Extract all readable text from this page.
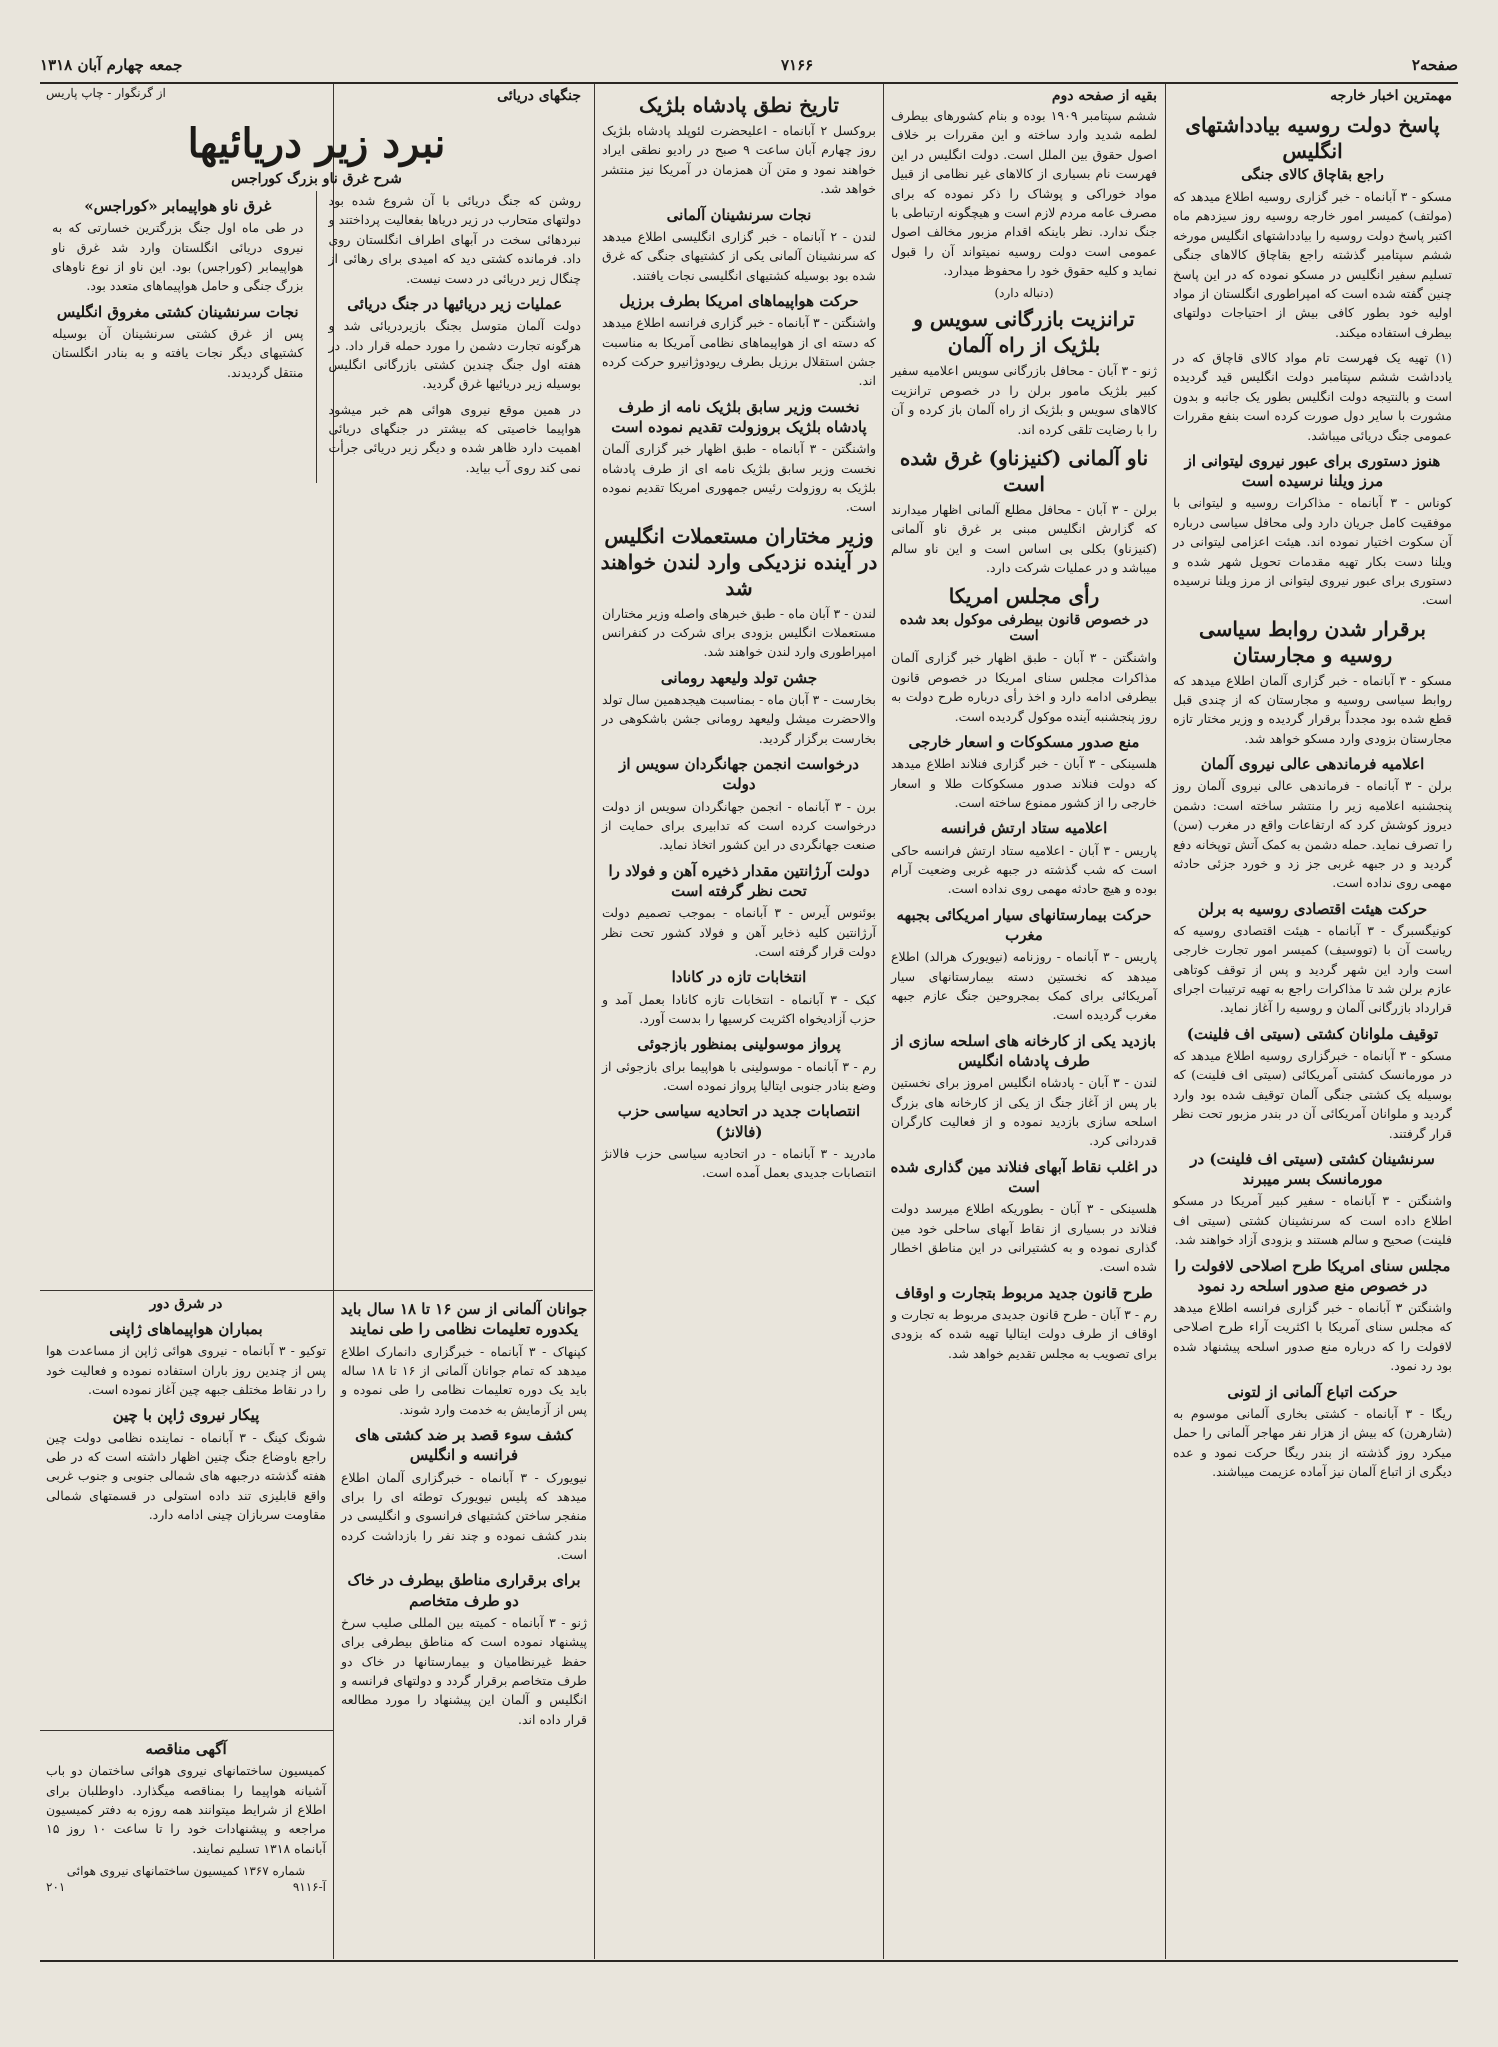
صفحه۲
۷۱۶۶
جمعه چهارم آبان ۱۳۱۸
مهمترین اخبار خارجه
پاسخ دولت روسیه بیادداشتهای انگلیس
راجع بقاچاق کالای جنگی
مسکو - ۳ آبانماه - خبر گزاری روسیه اطلاع میدهد که (مولتف) کمیسر امور خارجه روسیه روز سیزدهم ماه اکتبر پاسخ دولت روسیه را بیادداشتهای انگلیس مورخه ششم سپتامبر گذشته راجع بقاچاق کالاهای جنگی تسلیم سفیر انگلیس در مسکو نموده که در این پاسخ چنین گفته شده است که امپراطوری انگلستان از مواد اولیه خود بطور کافی بیش از احتیاجات دولتهای بیطرف استفاده میکند.
(۱) تهیه یک فهرست تام مواد کالای قاچاق که در یادداشت ششم سپتامبر دولت انگلیس قید گردیده است و بالنتیجه دولت انگلیس بطور یک جانبه و بدون مشورت با سایر دول صورت کرده است بنفع مقررات عمومی جنگ دریائی میباشد.
هنوز دستوری برای عبور نیروی لیتوانی از مرز ویلنا نرسیده است
کوناس - ۳ آبانماه - مذاکرات روسیه و لیتوانی با موفقیت کامل جریان دارد ولی محافل سیاسی درباره آن سکوت اختیار نموده اند. هیئت اعزامی لیتوانی در ویلنا دست بکار تهیه مقدمات تحویل شهر شده و دستوری برای عبور نیروی لیتوانی از مرز ویلنا نرسیده است.
برقرار شدن روابط سیاسی روسیه و مجارستان
مسکو - ۳ آبانماه - خبر گزاری آلمان اطلاع میدهد که روابط سیاسی روسیه و مجارستان که از چندی قبل قطع شده بود مجدداً برقرار گردیده و وزیر مختار تازه مجارستان بزودی وارد مسکو خواهد شد.
اعلامیه فرماندهی عالی نیروی آلمان
برلن - ۳ آبانماه - فرماندهی عالی نیروی آلمان روز پنجشنبه اعلامیه زیر را منتشر ساخته است: دشمن دیروز کوشش کرد که ارتفاعات واقع در مغرب (سن) را تصرف نماید. حمله دشمن به کمک آتش توپخانه دفع گردید و در جبهه غربی جز زد و خورد جزئی حادثه مهمی روی نداده است.
حرکت هیئت اقتصادی روسیه به برلن
کونیگسبرگ - ۳ آبانماه - هیئت اقتصادی روسیه که ریاست آن با (تووسیف) کمیسر امور تجارت خارجی است وارد این شهر گردید و پس از توقف کوتاهی عازم برلن شد تا مذاکرات راجع به تهیه ترتیبات اجرای قرارداد بازرگانی آلمان و روسیه را آغاز نماید.
توقیف ملوانان کشتی (سیتی اف فلینت)
مسکو - ۳ آبانماه - خبرگزاری روسیه اطلاع میدهد که در مورمانسک کشتی آمریکائی (سیتی اف فلینت) که بوسیله یک کشتی جنگی آلمان توقیف شده بود وارد گردید و ملوانان آمریکائی آن در بندر مزبور تحت نظر قرار گرفتند.
سرنشینان کشتی (سیتی اف فلینت) در مورمانسک بسر میبرند
واشنگتن - ۳ آبانماه - سفیر کبیر آمریکا در مسکو اطلاع داده است که سرنشینان کشتی (سیتی اف فلینت) صحیح و سالم هستند و بزودی آزاد خواهند شد.
مجلس سنای امریکا طرح اصلاحی لافولت را در خصوص منع صدور اسلحه رد نمود
واشنگتن ۳ آبانماه - خبر گزاری فرانسه اطلاع میدهد که مجلس سنای آمریکا با اکثریت آراء طرح اصلاحی لافولت را که درباره منع صدور اسلحه پیشنهاد شده بود رد نمود.
حرکت اتباع آلمانی از لتونی
ریگا - ۳ آبانماه - کشتی بخاری آلمانی موسوم به (شارهرن) که بیش از هزار نفر مهاجر آلمانی را حمل میکرد روز گذشته از بندر ریگا حرکت نمود و عده دیگری از اتباع آلمان نیز آماده عزیمت میباشند.
بقیه از صفحه دوم
ششم سپتامبر ۱۹۰۹ بوده و بنام کشورهای بیطرف لطمه شدید وارد ساخته و این مقررات بر خلاف اصول حقوق بین الملل است. دولت انگلیس در این فهرست نام بسیاری از کالاهای غیر نظامی از قبیل مواد خوراکی و پوشاک را ذکر نموده که برای مصرف عامه مردم لازم است و هیچگونه ارتباطی با جنگ ندارد. نظر باینکه اقدام مزبور مخالف اصول عمومی است دولت روسیه نمیتواند آن را قبول نماید و کلیه حقوق خود را محفوظ میدارد.
(دنباله دارد)
ترانزیت بازرگانی سویس و بلژیک از راه آلمان
ژنو - ۳ آبان - محافل بازرگانی سویس اعلامیه سفیر کبیر بلژیک مامور برلن را در خصوص ترانزیت کالاهای سویس و بلژیک از راه آلمان باز کرده و آن را با رضایت تلقی کرده اند.
ناو آلمانی (کنیزناو) غرق شده است
برلن - ۳ آبان - محافل مطلع آلمانی اظهار میدارند که گزارش انگلیس مبنی بر غرق ناو آلمانی (کنیزناو) بکلی بی اساس است و این ناو سالم میباشد و در عملیات شرکت دارد.
رأی مجلس امریکا
در خصوص قانون بیطرفی موکول بعد شده است
واشنگتن - ۳ آبان - طبق اظهار خبر گزاری آلمان مذاکرات مجلس سنای امریکا در خصوص قانون بیطرفی ادامه دارد و اخذ رأی درباره طرح دولت به روز پنجشنبه آینده موکول گردیده است.
منع صدور مسکوکات و اسعار خارجی
هلسینکی - ۳ آبان - خبر گزاری فنلاند اطلاع میدهد که دولت فنلاند صدور مسکوکات طلا و اسعار خارجی را از کشور ممنوع ساخته است.
اعلامیه ستاد ارتش فرانسه
پاریس - ۳ آبان - اعلامیه ستاد ارتش فرانسه حاکی است که شب گذشته در جبهه غربی وضعیت آرام بوده و هیچ حادثه مهمی روی نداده است.
حرکت بیمارستانهای سیار امریکائی بجبهه مغرب
پاریس - ۳ آبانماه - روزنامه (نیویورک هرالد) اطلاع میدهد که نخستین دسته بیمارستانهای سیار آمریکائی برای کمک بمجروحین جنگ عازم جبهه مغرب گردیده است.
بازدید یکی از کارخانه های اسلحه سازی از طرف پادشاه انگلیس
لندن - ۳ آبان - پادشاه انگلیس امروز برای نخستین بار پس از آغاز جنگ از یکی از کارخانه های بزرگ اسلحه سازی بازدید نموده و از فعالیت کارگران قدردانی کرد.
در اغلب نقاط آبهای فنلاند مین گذاری شده است
هلسینکی - ۳ آبان - بطوریکه اطلاع میرسد دولت فنلاند در بسیاری از نقاط آبهای ساحلی خود مین گذاری نموده و به کشتیرانی در این مناطق اخطار شده است.
طرح قانون جدید مربوط بتجارت و اوقاف
رم - ۳ آبان - طرح قانون جدیدی مربوط به تجارت و اوقاف از طرف دولت ایتالیا تهیه شده که بزودی برای تصویب به مجلس تقدیم خواهد شد.
تاریخ نطق پادشاه بلژیک
بروکسل ۲ آبانماه - اعلیحضرت لئوپلد پادشاه بلژیک روز چهارم آبان ساعت ۹ صبح در رادیو نطقی ایراد خواهند نمود و متن آن همزمان در آمریکا نیز منتشر خواهد شد.
نجات سرنشینان آلمانی
لندن - ۲ آبانماه - خبر گزاری انگلیسی اطلاع میدهد که سرنشینان آلمانی یکی از کشتیهای جنگی که غرق شده بود بوسیله کشتیهای انگلیسی نجات یافتند.
حرکت هواپیماهای امریکا بطرف برزیل
واشنگتن - ۳ آبانماه - خبر گزاری فرانسه اطلاع میدهد که دسته ای از هواپیماهای نظامی آمریکا به مناسبت جشن استقلال برزیل بطرف ریودوژانیرو حرکت کرده اند.
نخست وزیر سابق بلژیک نامه از طرف پادشاه بلژیک بروزولت تقدیم نموده است
واشنگتن - ۳ آبانماه - طبق اظهار خبر گزاری آلمان نخست وزیر سابق بلژیک نامه ای از طرف پادشاه بلژیک به روزولت رئیس جمهوری امریکا تقدیم نموده است.
وزیر مختاران مستعملات انگلیس در آینده نزدیکی وارد لندن خواهند شد
لندن - ۳ آبان ماه - طبق خبرهای واصله وزیر مختاران مستعملات انگلیس بزودی برای شرکت در کنفرانس امپراطوری وارد لندن خواهند شد.
جشن تولد ولیعهد رومانی
بخارست - ۳ آبان ماه - بمناسبت هیجدهمین سال تولد والاحضرت میشل ولیعهد رومانی جشن باشکوهی در بخارست برگزار گردید.
درخواست انجمن جهانگردان سویس از دولت
برن - ۳ آبانماه - انجمن جهانگردان سویس از دولت درخواست کرده است که تدابیری برای حمایت از صنعت جهانگردی در این کشور اتخاذ نماید.
دولت آرژانتین مقدار ذخیره آهن و فولاد را تحت نظر گرفته است
بوئنوس آیرس - ۳ آبانماه - بموجب تصمیم دولت آرژانتین کلیه ذخایر آهن و فولاد کشور تحت نظر دولت قرار گرفته است.
انتخابات تازه در کانادا
کبک - ۳ آبانماه - انتخابات تازه کانادا بعمل آمد و حزب آزادیخواه اکثریت کرسیها را بدست آورد.
پرواز موسولینی بمنظور بازجوئی
رم - ۳ آبانماه - موسولینی با هواپیما برای بازجوئی از وضع بنادر جنوبی ایتالیا پرواز نموده است.
انتصابات جدید در اتحادیه سیاسی حزب (فالانژ)
مادرید - ۳ آبانماه - در اتحادیه سیاسی حزب فالانژ انتصابات جدیدی بعمل آمده است.
جنگهای دریائی
از گرنگوار - چاپ پاریس
نبرد زیر دریائیها
شرح غرق ناو بزرگ کوراجس
روشن که جنگ دریائی با آن شروع شده بود دولتهای متحارب در زیر دریاها بفعالیت پرداختند و نبردهائی سخت در آبهای اطراف انگلستان روی داد. فرمانده کشتی دید که امیدی برای رهائی از چنگال زیر دریائی در دست نیست.
عملیات زیر دریائیها در جنگ دریائی
دولت آلمان متوسل بجنگ بازیردریائی شد و هرگونه تجارت دشمن را مورد حمله قرار داد. در هفته اول جنگ چندین کشتی بازرگانی انگلیس بوسیله زیر دریائیها غرق گردید.
در همین موقع نیروی هوائی هم خبر میشود هواپیما خاصیتی که بیشتر در جنگهای دریائی اهمیت دارد ظاهر شده و دیگر زیر دریائی جرأت نمی کند روی آب بیاید.
غرق ناو هواپیمابر «کوراجس»
در طی ماه اول جنگ بزرگترین خسارتی که به نیروی دریائی انگلستان وارد شد غرق ناو هواپیمابر (کوراجس) بود. این ناو از نوع ناوهای بزرگ جنگی و حامل هواپیماهای متعدد بود.
نجات سرنشینان کشتی مغروق انگلیس
پس از غرق کشتی سرنشینان آن بوسیله کشتیهای دیگر نجات یافته و به بنادر انگلستان منتقل گردیدند.
جوانان آلمانی از سن ۱۶ تا ۱۸ سال باید یکدوره تعلیمات نظامی را طی نمایند
کپنهاک - ۳ آبانماه - خبرگزاری دانمارک اطلاع میدهد که تمام جوانان آلمانی از ۱۶ تا ۱۸ ساله باید یک دوره تعلیمات نظامی را طی نموده و پس از آزمایش به خدمت وارد شوند.
کشف سوء قصد بر ضد کشتی های فرانسه و انگلیس
نیویورک - ۳ آبانماه - خبرگزاری آلمان اطلاع میدهد که پلیس نیویورک توطئه ای را برای منفجر ساختن کشتیهای فرانسوی و انگلیسی در بندر کشف نموده و چند نفر را بازداشت کرده است.
برای برقراری مناطق بیطرف در خاک دو طرف متخاصم
ژنو - ۳ آبانماه - کمیته بین المللی صلیب سرخ پیشنهاد نموده است که مناطق بیطرفی برای حفظ غیرنظامیان و بیمارستانها در خاک دو طرف متخاصم برقرار گردد و دولتهای فرانسه و انگلیس و آلمان این پیشنهاد را مورد مطالعه قرار داده اند.
در شرق دور
بمباران هواپیماهای ژاپنی
توکیو - ۳ آبانماه - نیروی هوائی ژاپن از مساعدت هوا پس از چندین روز باران استفاده نموده و فعالیت خود را در نقاط مختلف جبهه چین آغاز نموده است.
پیکار نیروی ژاپن با چین
شونگ کینگ - ۳ آبانماه - نماینده نظامی دولت چین راجع باوضاع جنگ چنین اظهار داشته است که در طی هفته گذشته درجبهه های شمالی جنوبی و جنوب غربی واقع قابلیزی تند داده استولی در قسمتهای شمالی مقاومت سربازان چینی ادامه دارد.
آگهی مناقصه
کمیسیون ساختمانهای نیروی هوائی ساختمان دو باب آشیانه هواپیما را بمناقصه میگذارد. داوطلبان برای اطلاع از شرایط میتوانند همه روزه به دفتر کمیسیون مراجعه و پیشنهادات خود را تا ساعت ۱۰ روز ۱۵ آبانماه ۱۳۱۸ تسلیم نمایند.
شماره ۱۳۶۷ کمیسیون ساختمانهای نیروی هوائی
آ-۹۱۱۶
۲۰۱
